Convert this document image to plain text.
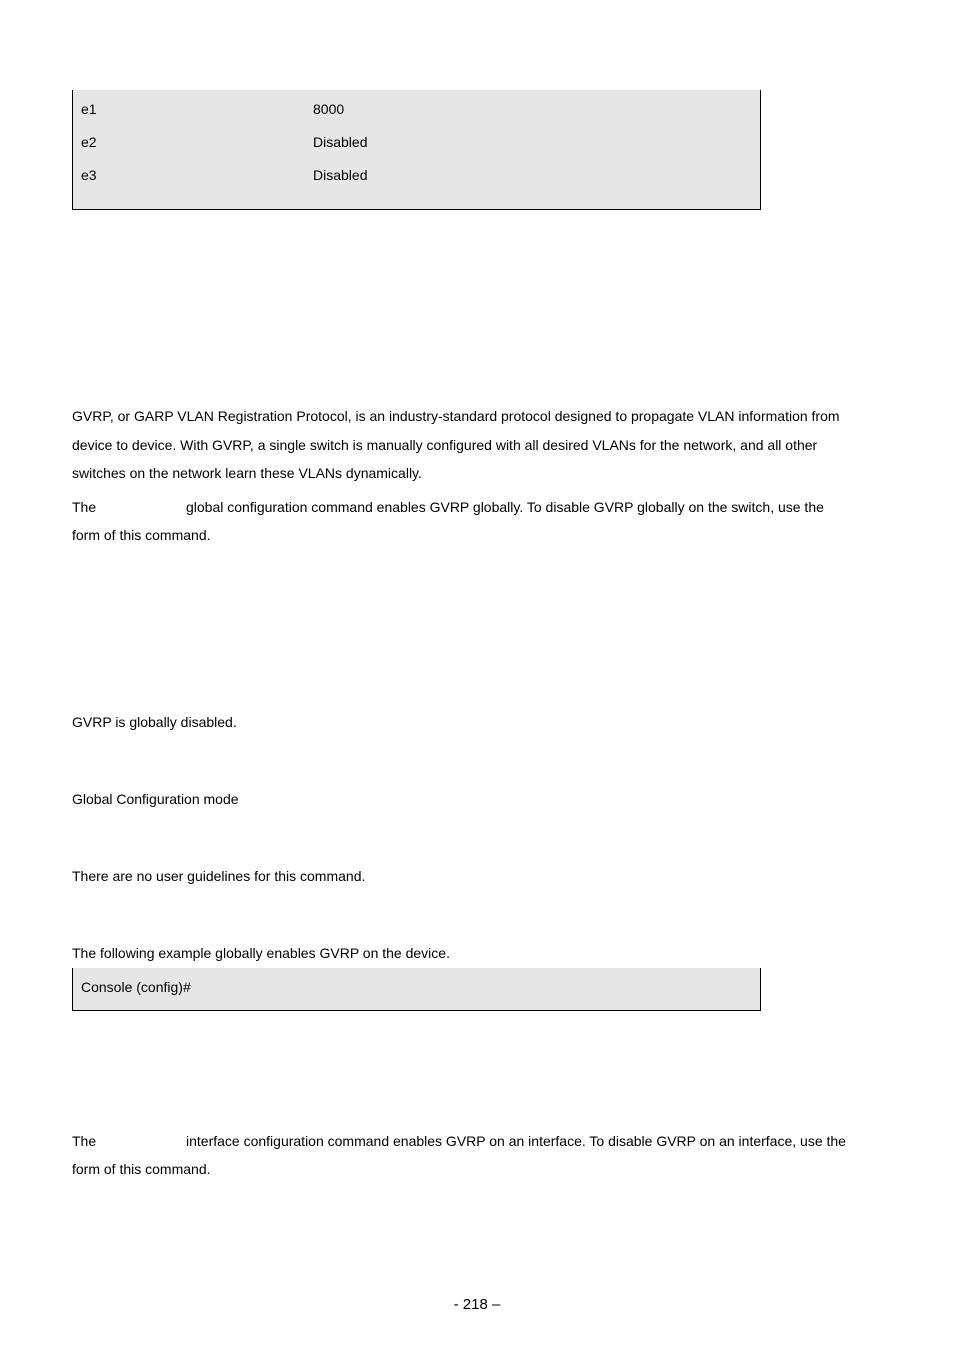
e1	8000
e2	Disabled
e3	Disabled
GVRP, or GARP VLAN Registration Protocol, is an industry-standard protocol designed to propagate VLAN information from
device to device. With GVRP, a single switch is manually configured with all desired VLANs for the network, and all other
switches on the network learn these VLANs dynamically.
The	global configuration command enables GVRP globally. To disable GVRP globally on the switch, use the
form of this command.
GVRP is globally disabled.
Global Configuration mode
There are no user guidelines for this command.
The following example globally enables GVRP on the device.
Console (config)#
The	interface configuration command enables GVRP on an interface. To disable GVRP on an interface, use the
form of this command.
- 218 –
